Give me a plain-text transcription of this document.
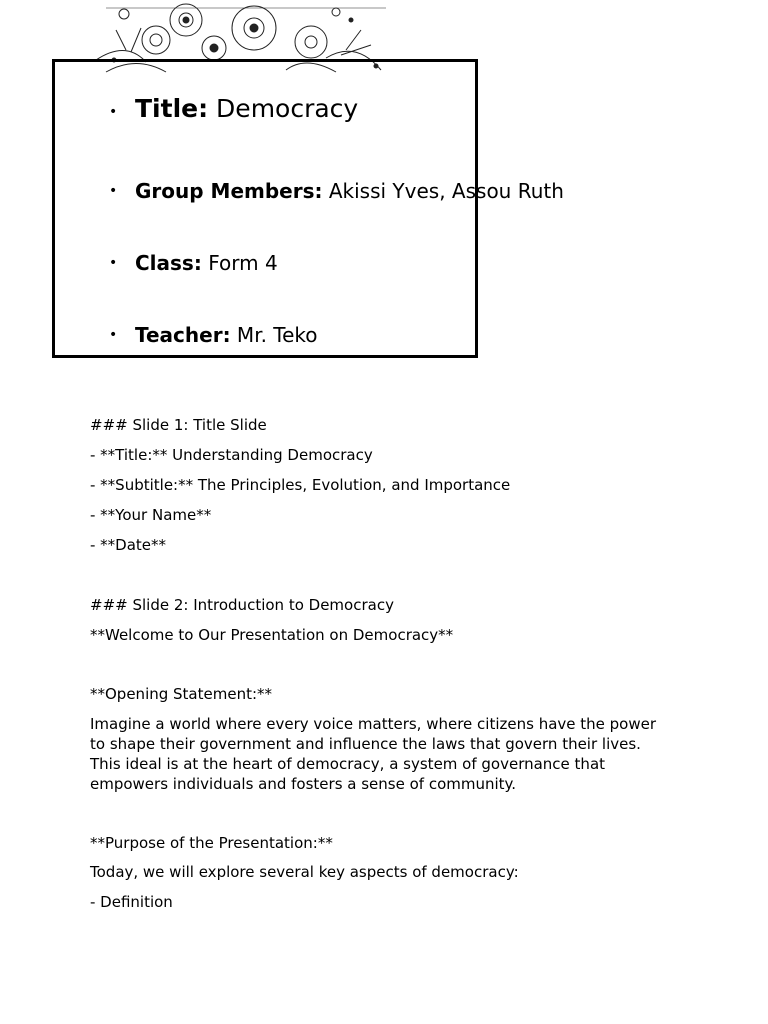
• Title: Democracy
• Group Members: Akissi Yves, Assou Ruth
• Class: Form 4
• Teacher: Mr. Teko

### Slide 1: Title Slide

- **Title:** Understanding Democracy

- **Subtitle:** The Principles, Evolution, and Importance

- **Your Name**

- **Date**

### Slide 2: Introduction to Democracy

**Welcome to Our Presentation on Democracy**

**Opening Statement:**

Imagine a world where every voice matters, where citizens have the power to shape their government and influence the laws that govern their lives. This ideal is at the heart of democracy, a system of governance that empowers individuals and fosters a sense of community.

**Purpose of the Presentation:**

Today, we will explore several key aspects of democracy:

- Definition
